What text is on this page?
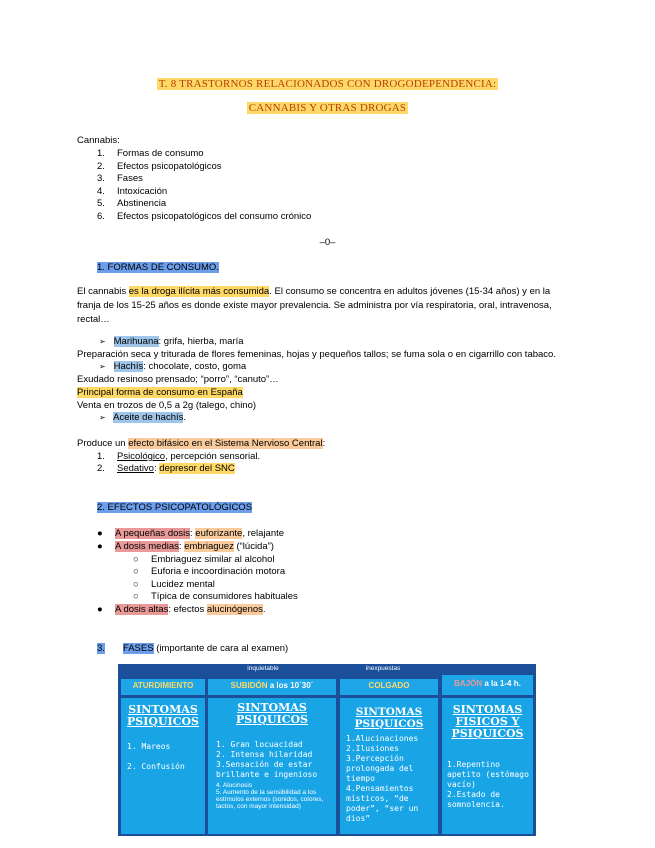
T. 8 TRASTORNOS RELACIONADOS CON DROGODEPENDENCIA:
CANNABIS Y OTRAS DROGAS
Cannabis:
1. Formas de consumo
2. Efectos psicopatológicos
3. Fases
4. Intoxicación
5. Abstinencia
6. Efectos psicopatológicos del consumo crónico
–0–
1. FORMAS DE CONSUMO.
El cannabis es la droga ilícita más consumida. El consumo se concentra en adultos jóvenes (15-34 años) y en la franja de los 15-25 años es donde existe mayor prevalencia. Se administra por vía respiratoria, oral, intravenosa, rectal…
➢ Marihuana: grifa, hierba, maría
Preparación seca y triturada de flores femeninas, hojas y pequeños tallos; se fuma sola o en cigarrillo con tabaco.
➢ Hachís: chocolate, costo, goma
Exudado resinoso prensado; “porro”, “canuto”…
Principal forma de consumo en España
Venta en trozos de 0,5 a 2g (talego, chino)
➢ Aceite de hachís.
Produce un efecto bifásico en el Sistema Nervioso Central:
1. Psicológico, percepción sensorial.
2. Sedativo: depresor del SNC
2. EFECTOS PSICOPATOLÓGICOS
● A pequeñas dosis: euforizante, relajante
● A dosis medias: embriaguez (“lúcida”)
○ Embriaguez similar al alcohol
○ Euforia e incoordinación motora
○ Lucidez mental
○ Típica de consumidores habituales
● A dosis altas: efectos alucinógenos.
3. FASES (importante de cara al examen)
inquietable	inexpuestas
ATURDIMIENTO	SUBIDÓN a los 10´30´	COLGADO	BAJÓN a la 1-4 h.
SINTOMAS PSIQUICOS
1. Mareos
2. Confusión
SINTOMAS PSIQUICOS
1. Gran locuacidad
2. Intensa hilaridad
3.Sensación de estar brillante e ingenioso
4. Alucinosis
5. Aumento de la sensibilidad a los estímulos externos (sonidos, colores, tactos, con mayor intensidad)
SINTOMAS PSIQUICOS
1.Alucinaciones
2.Ilusiones
3.Percepción prolongada del tiempo
4.Pensamientos místicos, “de poder”, “ser un dios”
SINTOMAS FISICOS Y PSIQUICOS
1.Repentino apetito (estómago vacío)
2.Estado de somnolencia.
